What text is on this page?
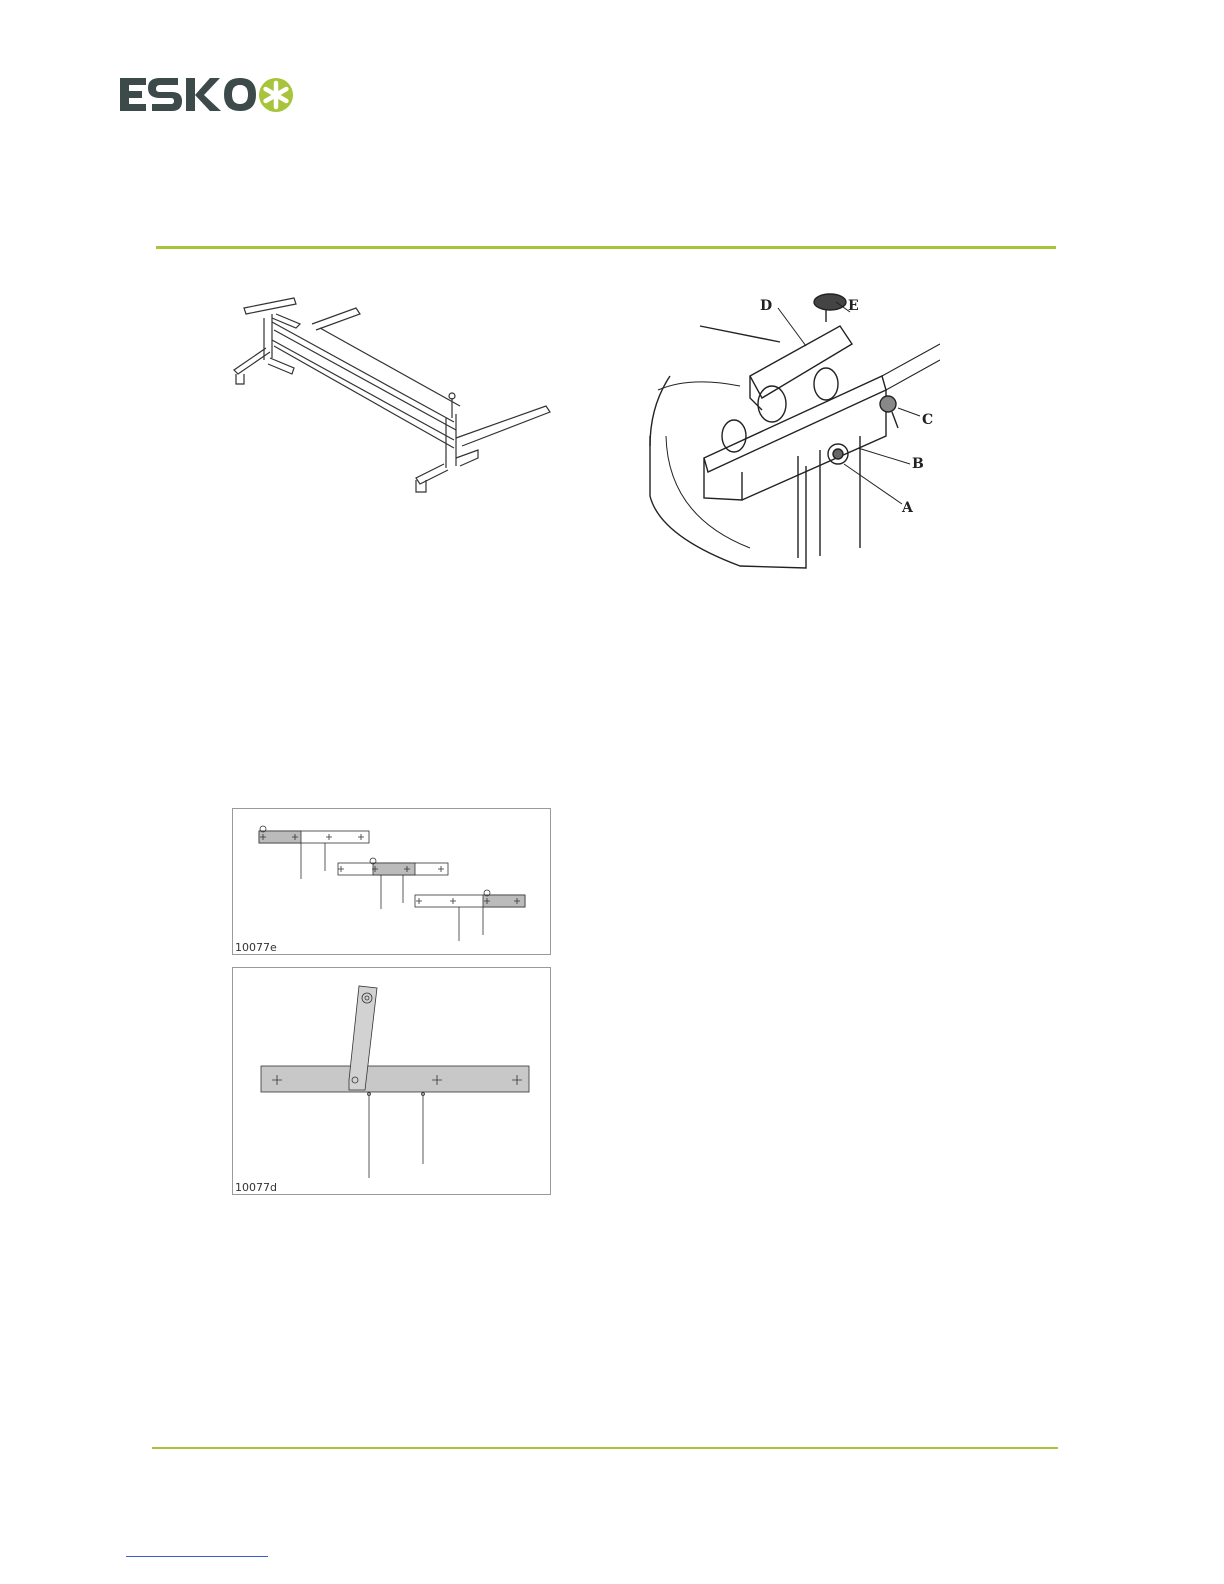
D	E
C
B
A
10077e
10077d
